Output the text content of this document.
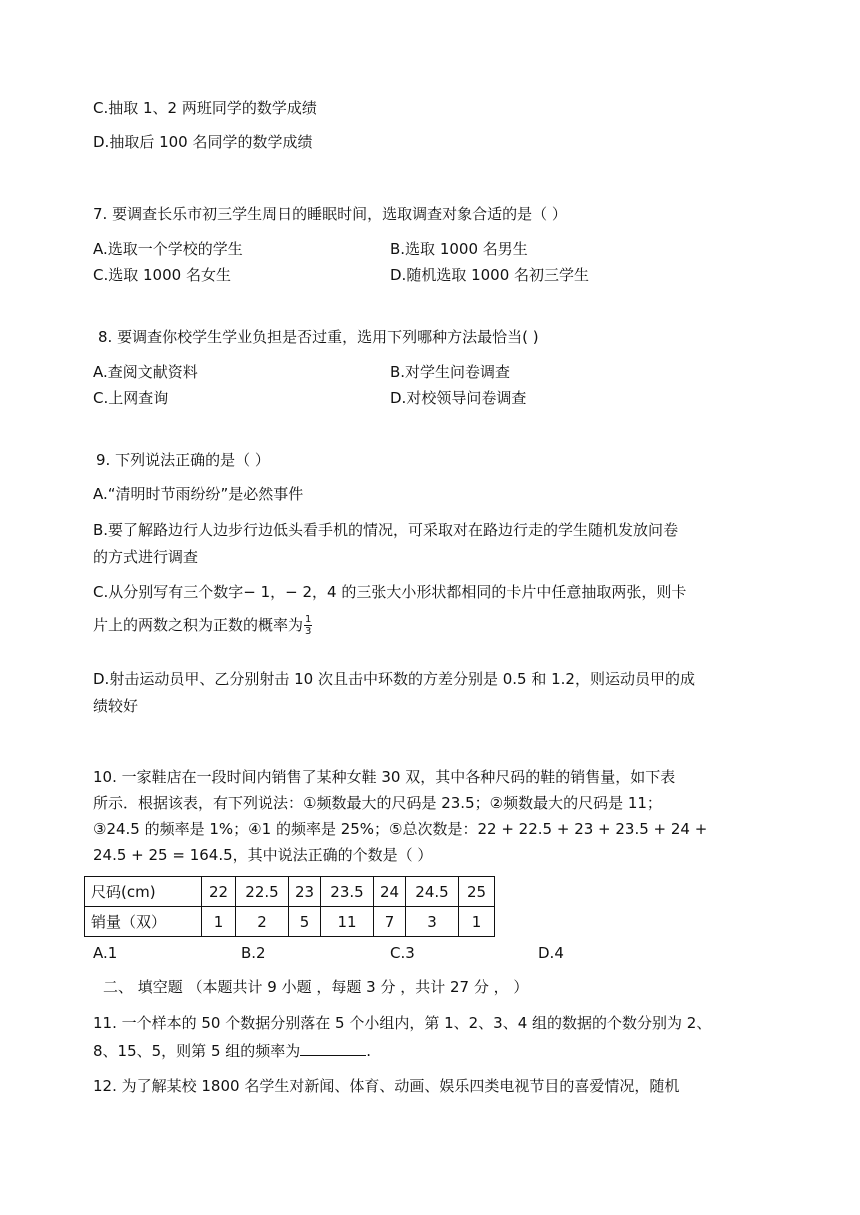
C.抽取 1、2 两班同学的数学成绩
D.抽取后 100 名同学的数学成绩
7. 要调查长乐市初三学生周日的睡眠时间，选取调查对象合适的是（ ）
A.选取一个学校的学生	B.选取 1000 名男生
C.选取 1000 名女生	D.随机选取 1000 名初三学生
8. 要调查你校学生学业负担是否过重，选用下列哪种方法最恰当( )
A.查阅文献资料	B.对学生问卷调查
C.上网查询	D.对校领导问卷调查
9. 下列说法正确的是（ ）
A.“清明时节雨纷纷”是必然事件
B.要了解路边行人边步行边低头看手机的情况，可采取对在路边行走的学生随机发放问卷
的方式进行调查
C.从分别写有三个数字− 1，− 2，4 的三张大小形状都相同的卡片中任意抽取两张，则卡
片上的两数之积为正数的概率为 $\frac{1}{3}$
D.射击运动员甲、乙分别射击 10 次且击中环数的方差分别是 0.5 和 1.2，则运动员甲的成
绩较好
10. 一家鞋店在一段时间内销售了某种女鞋 30 双，其中各种尺码的鞋的销售量，如下表
所示．根据该表，有下列说法：①频数最大的尺码是 23.5；②频数最大的尺码是 11；
③24.5 的频率是 1%；④1 的频率是 25%；⑤总次数是：22 + 22.5 + 23 + 23.5 + 24 +
24.5 + 25 = 164.5，其中说法正确的个数是（ ）
尺码(cm)	22	22.5	23	23.5	24	24.5	25
销量（双）	1	2	5	11	7	3	1
A.1	B.2	C.3	D.4
二、 填空题 （本题共计 9 小题 ，每题 3 分 ，共计 27 分 ， ）
11. 一个样本的 50 个数据分别落在 5 个小组内，第 1、2、3、4 组的数据的个数分别为 2、
8、15、5，则第 5 组的频率为	.
12. 为了解某校 1800 名学生对新闻、体育、动画、娱乐四类电视节目的喜爱情况，随机
